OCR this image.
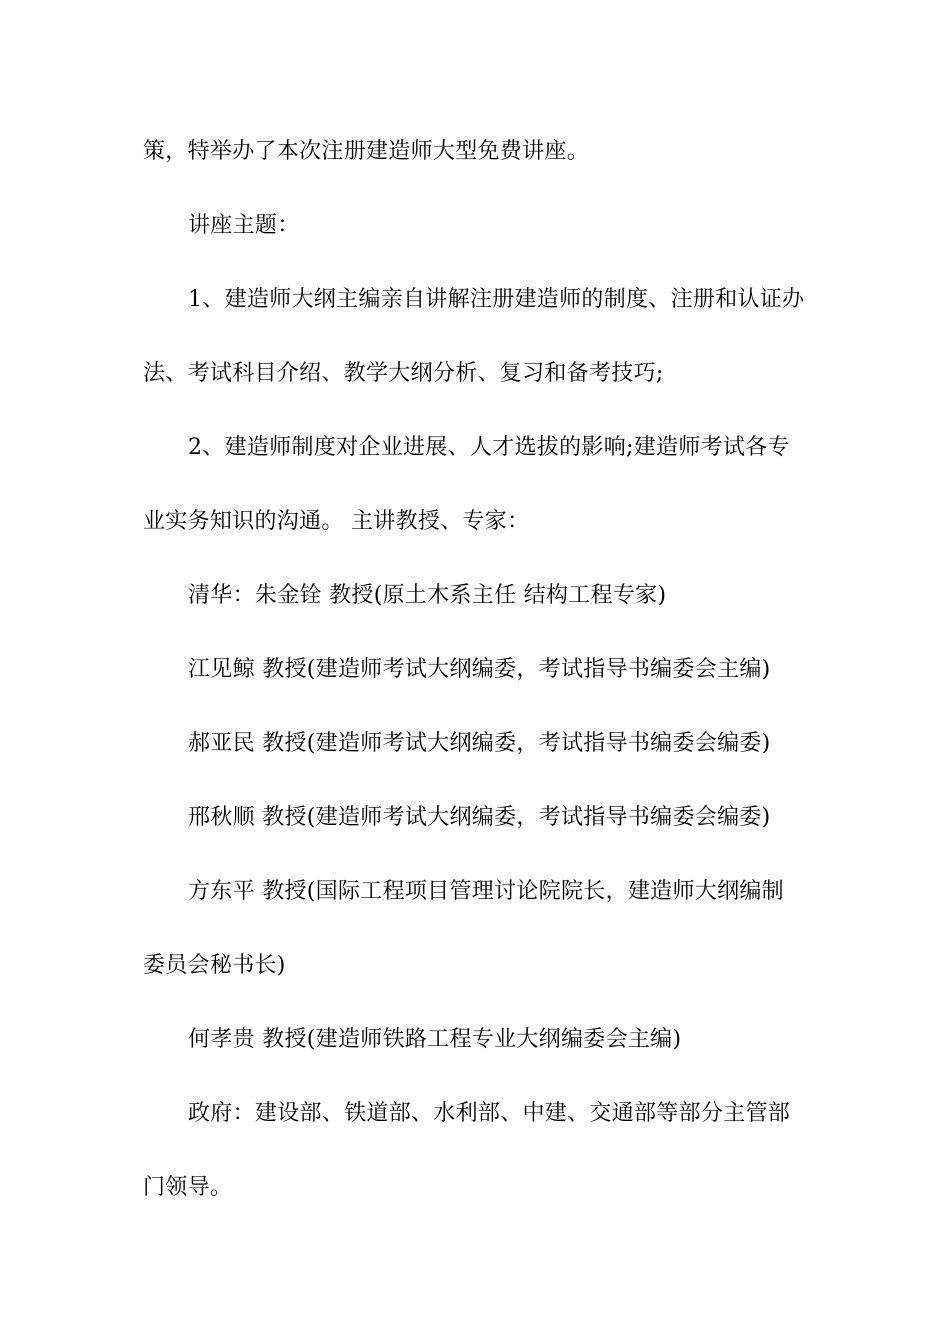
策，特举办了本次注册建造师大型免费讲座。
讲座主题：
1、建造师大纲主编亲自讲解注册建造师的制度、注册和认证办
法、考试科目介绍、教学大纲分析、复习和备考技巧;
2、建造师制度对企业进展、人才选拔的影响;建造师考试各专
业实务知识的沟通。 主讲教授、专家：
清华：朱金铨 教授(原土木系主任 结构工程专家)
江见鲸 教授(建造师考试大纲编委，考试指导书编委会主编)
郝亚民 教授(建造师考试大纲编委，考试指导书编委会编委)
邢秋顺 教授(建造师考试大纲编委，考试指导书编委会编委)
方东平 教授(国际工程项目管理讨论院院长，建造师大纲编制
委员会秘书长)
何孝贵 教授(建造师铁路工程专业大纲编委会主编)
政府：建设部、铁道部、水利部、中建、交通部等部分主管部
门领导。
